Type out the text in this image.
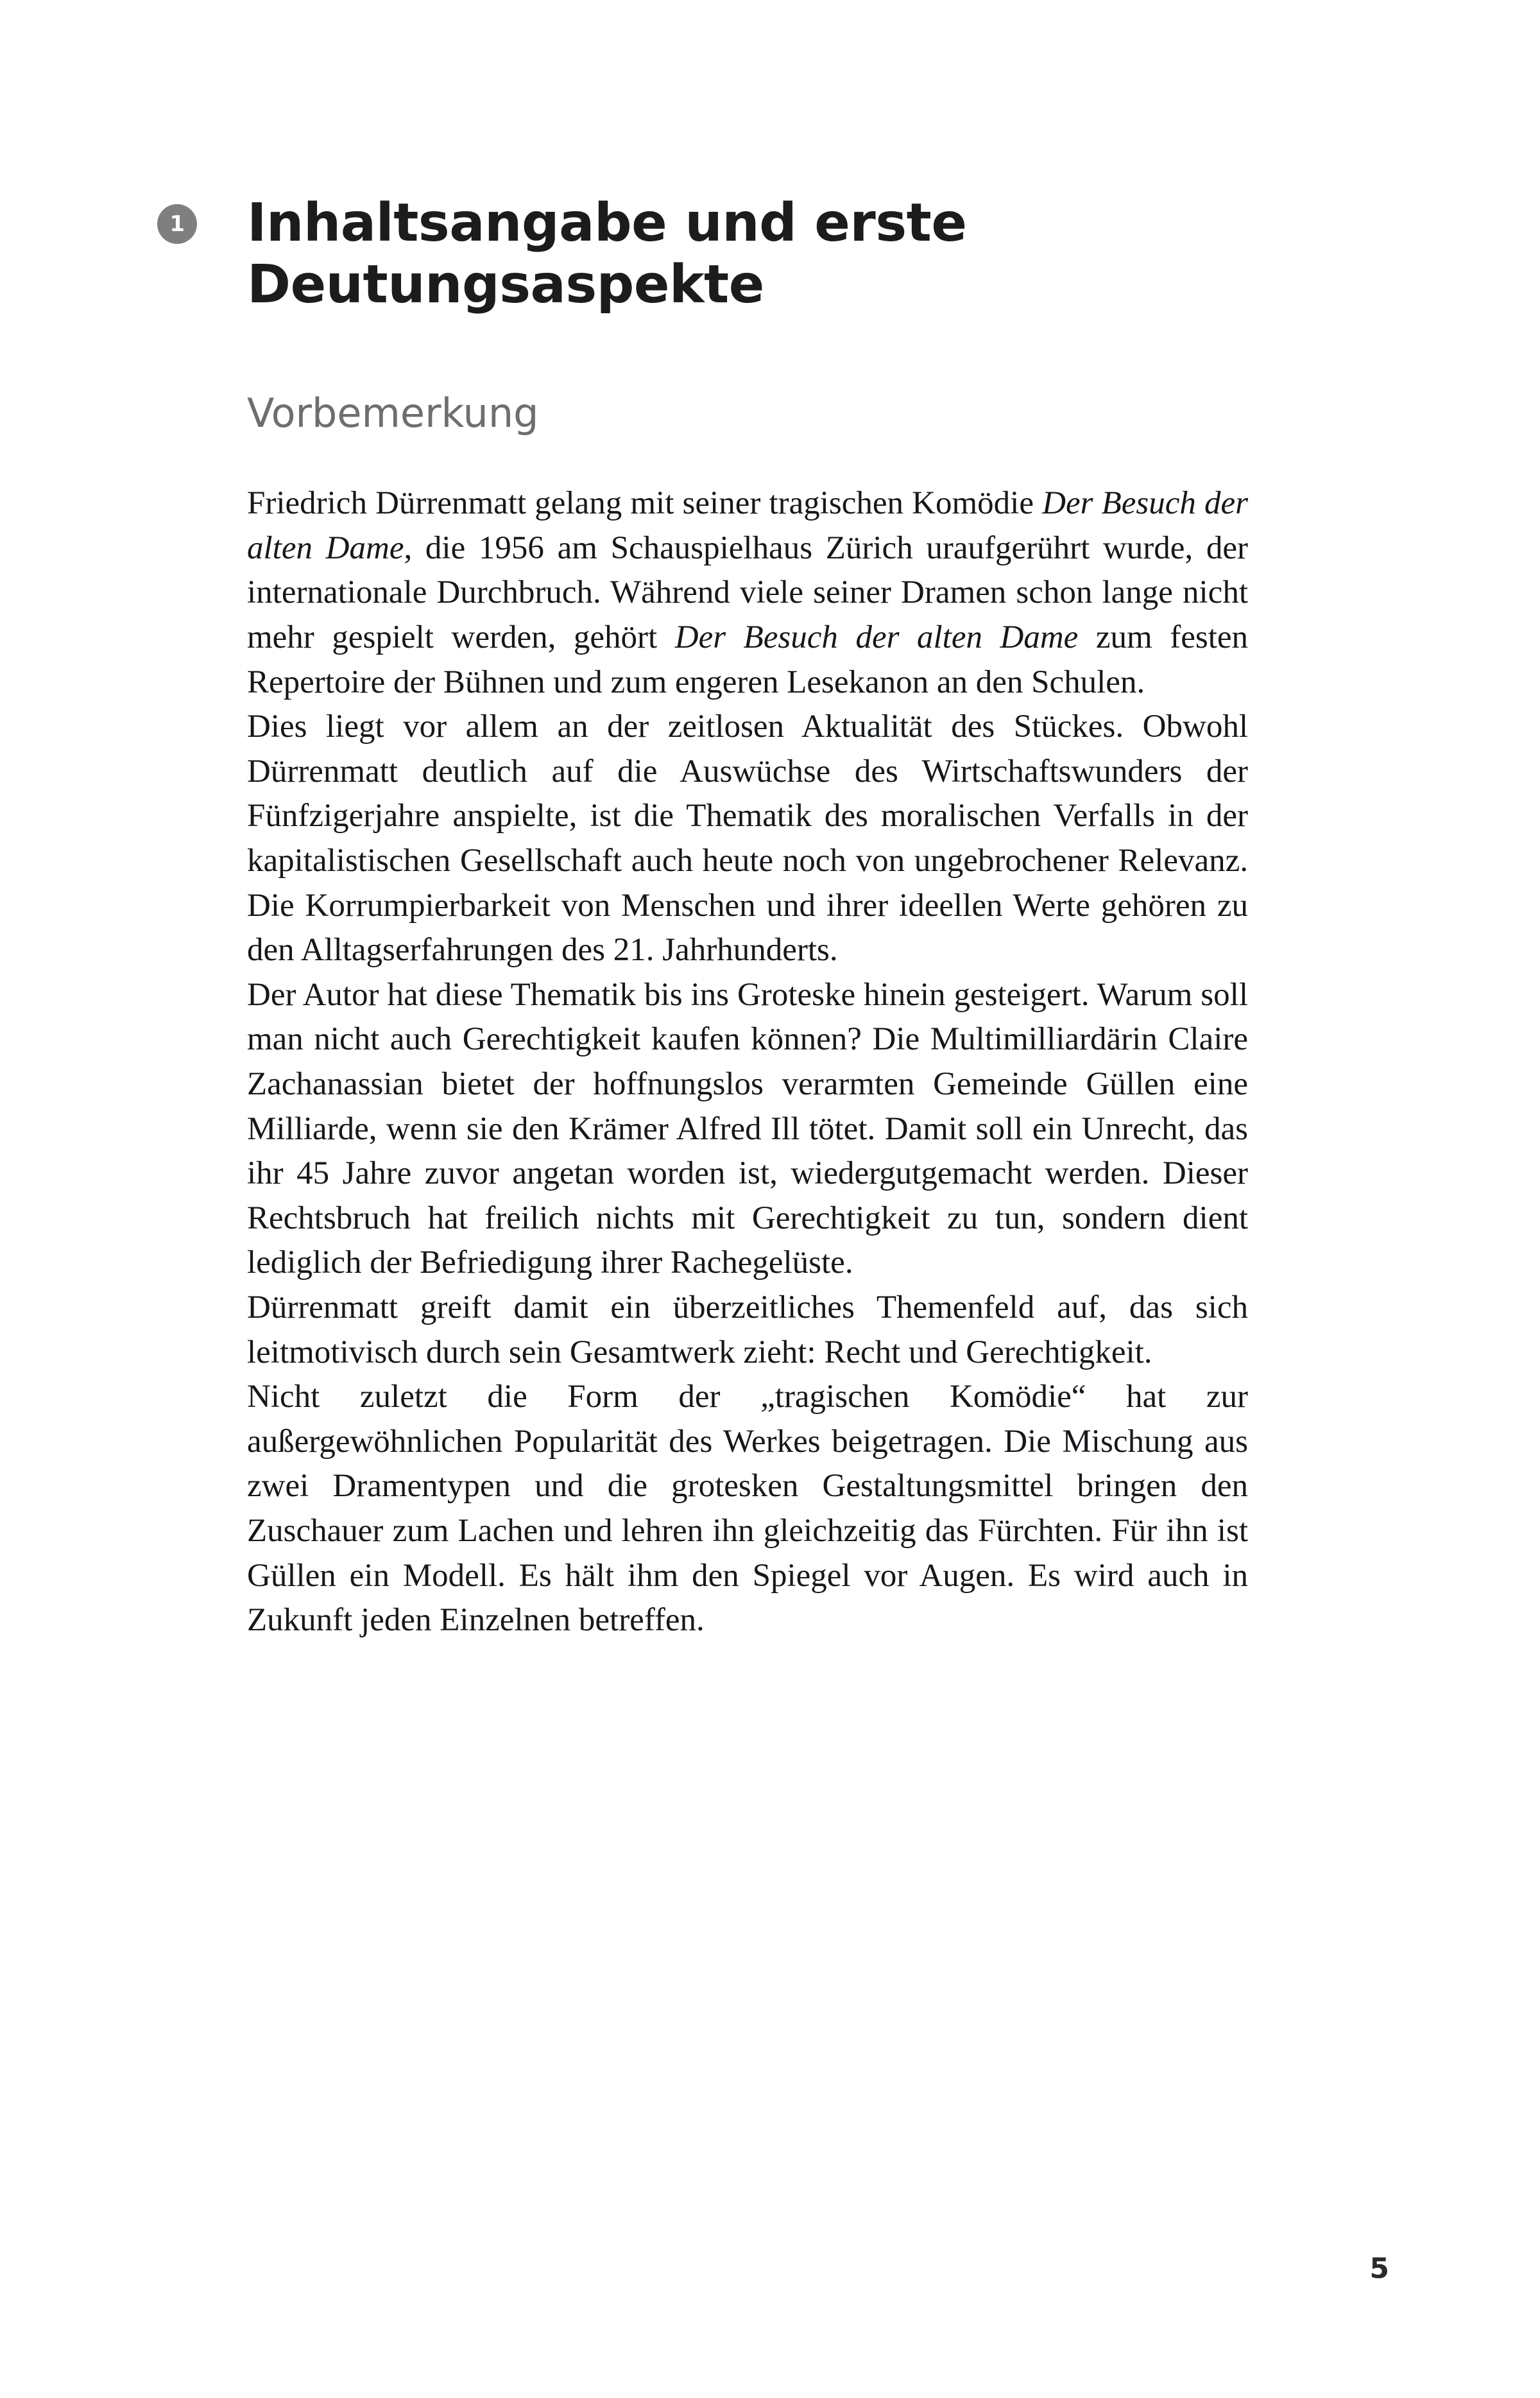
1 Inhaltsangabe und erste
Deutungsaspekte
Vorbemerkung

Friedrich Dürrenmatt gelang mit seiner tragischen Komödie Der Besuch der alten Dame, die 1956 am Schauspielhaus Zürich uraufgerührt wurde, der internationale Durchbruch. Während viele seiner Dramen schon lange nicht mehr gespielt werden, gehört Der Besuch der alten Dame zum festen Repertoire der Bühnen und zum engeren Lesekanon an den Schulen.

Dies liegt vor allem an der zeitlosen Aktualität des Stückes. Obwohl Dürrenmatt deutlich auf die Auswüchse des Wirtschaftswunders der Fünfzigerjahre anspielte, ist die Thematik des moralischen Verfalls in der kapitalistischen Gesellschaft auch heute noch von ungebrochener Relevanz. Die Korrumpierbarkeit von Menschen und ihrer ideellen Werte gehören zu den Alltagserfahrungen des 21. Jahrhunderts.

Der Autor hat diese Thematik bis ins Groteske hinein gesteigert. Warum soll man nicht auch Gerechtigkeit kaufen können? Die Multimilliardärin Claire Zachanassian bietet der hoffnungslos verarmten Gemeinde Güllen eine Milliarde, wenn sie den Krämer Alfred Ill tötet. Damit soll ein Unrecht, das ihr 45 Jahre zuvor angetan worden ist, wiedergutgemacht werden. Dieser Rechtsbruch hat freilich nichts mit Gerechtigkeit zu tun, sondern dient lediglich der Befriedigung ihrer Rachegelüste.

Dürrenmatt greift damit ein überzeitliches Themenfeld auf, das sich leitmotivisch durch sein Gesamtwerk zieht: Recht und Gerechtigkeit.

Nicht zuletzt die Form der „tragischen Komödie“ hat zur außergewöhnlichen Popularität des Werkes beigetragen. Die Mischung aus zwei Dramentypen und die grotesken Gestaltungsmittel bringen den Zuschauer zum Lachen und lehren ihn gleichzeitig das Fürchten. Für ihn ist Güllen ein Modell. Es hält ihm den Spiegel vor Augen. Es wird auch in Zukunft jeden Einzelnen betreffen.

5
